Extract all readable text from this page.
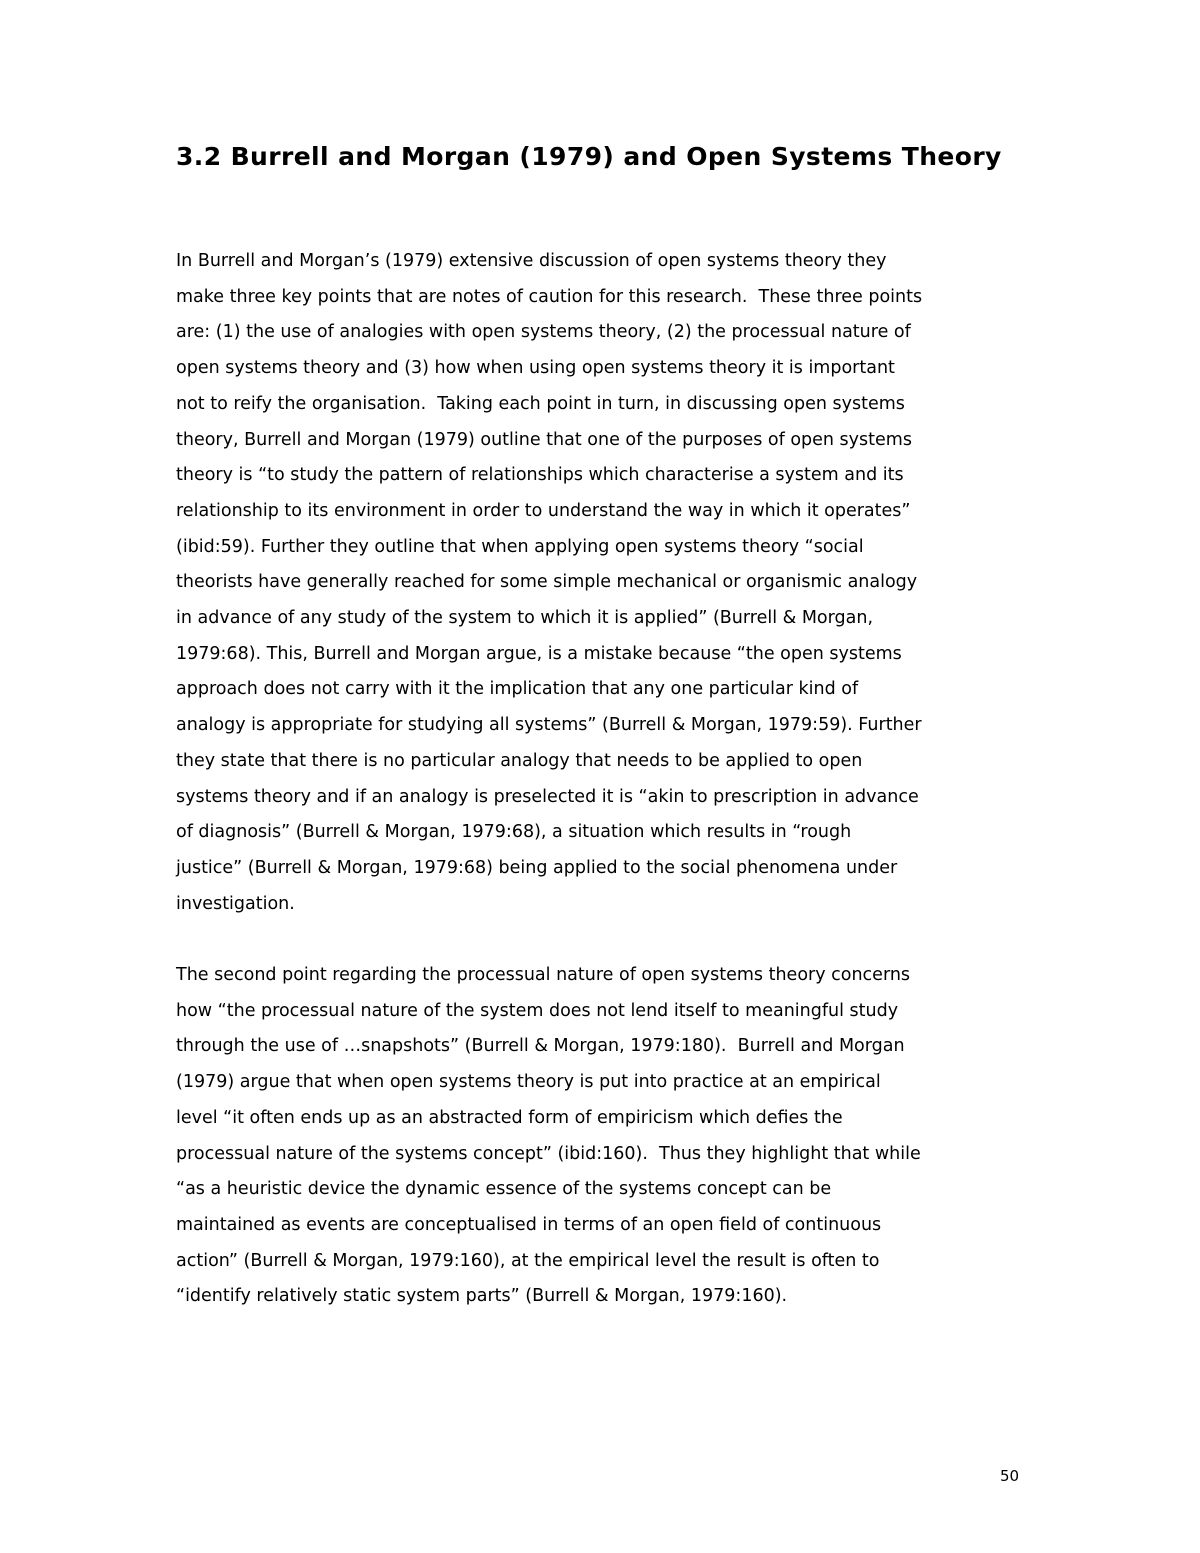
3.2 Burrell and Morgan (1979) and Open Systems Theory
In Burrell and Morgan’s (1979) extensive discussion of open systems theory they
make three key points that are notes of caution for this research.  These three points
are: (1) the use of analogies with open systems theory, (2) the processual nature of
open systems theory and (3) how when using open systems theory it is important
not to reify the organisation.  Taking each point in turn, in discussing open systems
theory, Burrell and Morgan (1979) outline that one of the purposes of open systems
theory is “to study the pattern of relationships which characterise a system and its
relationship to its environment in order to understand the way in which it operates”
(ibid:59). Further they outline that when applying open systems theory “social
theorists have generally reached for some simple mechanical or organismic analogy
in advance of any study of the system to which it is applied” (Burrell & Morgan,
1979:68). This, Burrell and Morgan argue, is a mistake because “the open systems
approach does not carry with it the implication that any one particular kind of
analogy is appropriate for studying all systems” (Burrell & Morgan, 1979:59). Further
they state that there is no particular analogy that needs to be applied to open
systems theory and if an analogy is preselected it is “akin to prescription in advance
of diagnosis” (Burrell & Morgan, 1979:68), a situation which results in “rough
justice” (Burrell & Morgan, 1979:68) being applied to the social phenomena under
investigation.
The second point regarding the processual nature of open systems theory concerns
how “the processual nature of the system does not lend itself to meaningful study
through the use of …snapshots” (Burrell & Morgan, 1979:180).  Burrell and Morgan
(1979) argue that when open systems theory is put into practice at an empirical
level “it often ends up as an abstracted form of empiricism which defies the
processual nature of the systems concept” (ibid:160).  Thus they highlight that while
“as a heuristic device the dynamic essence of the systems concept can be
maintained as events are conceptualised in terms of an open field of continuous
action” (Burrell & Morgan, 1979:160), at the empirical level the result is often to
“identify relatively static system parts” (Burrell & Morgan, 1979:160).
50
